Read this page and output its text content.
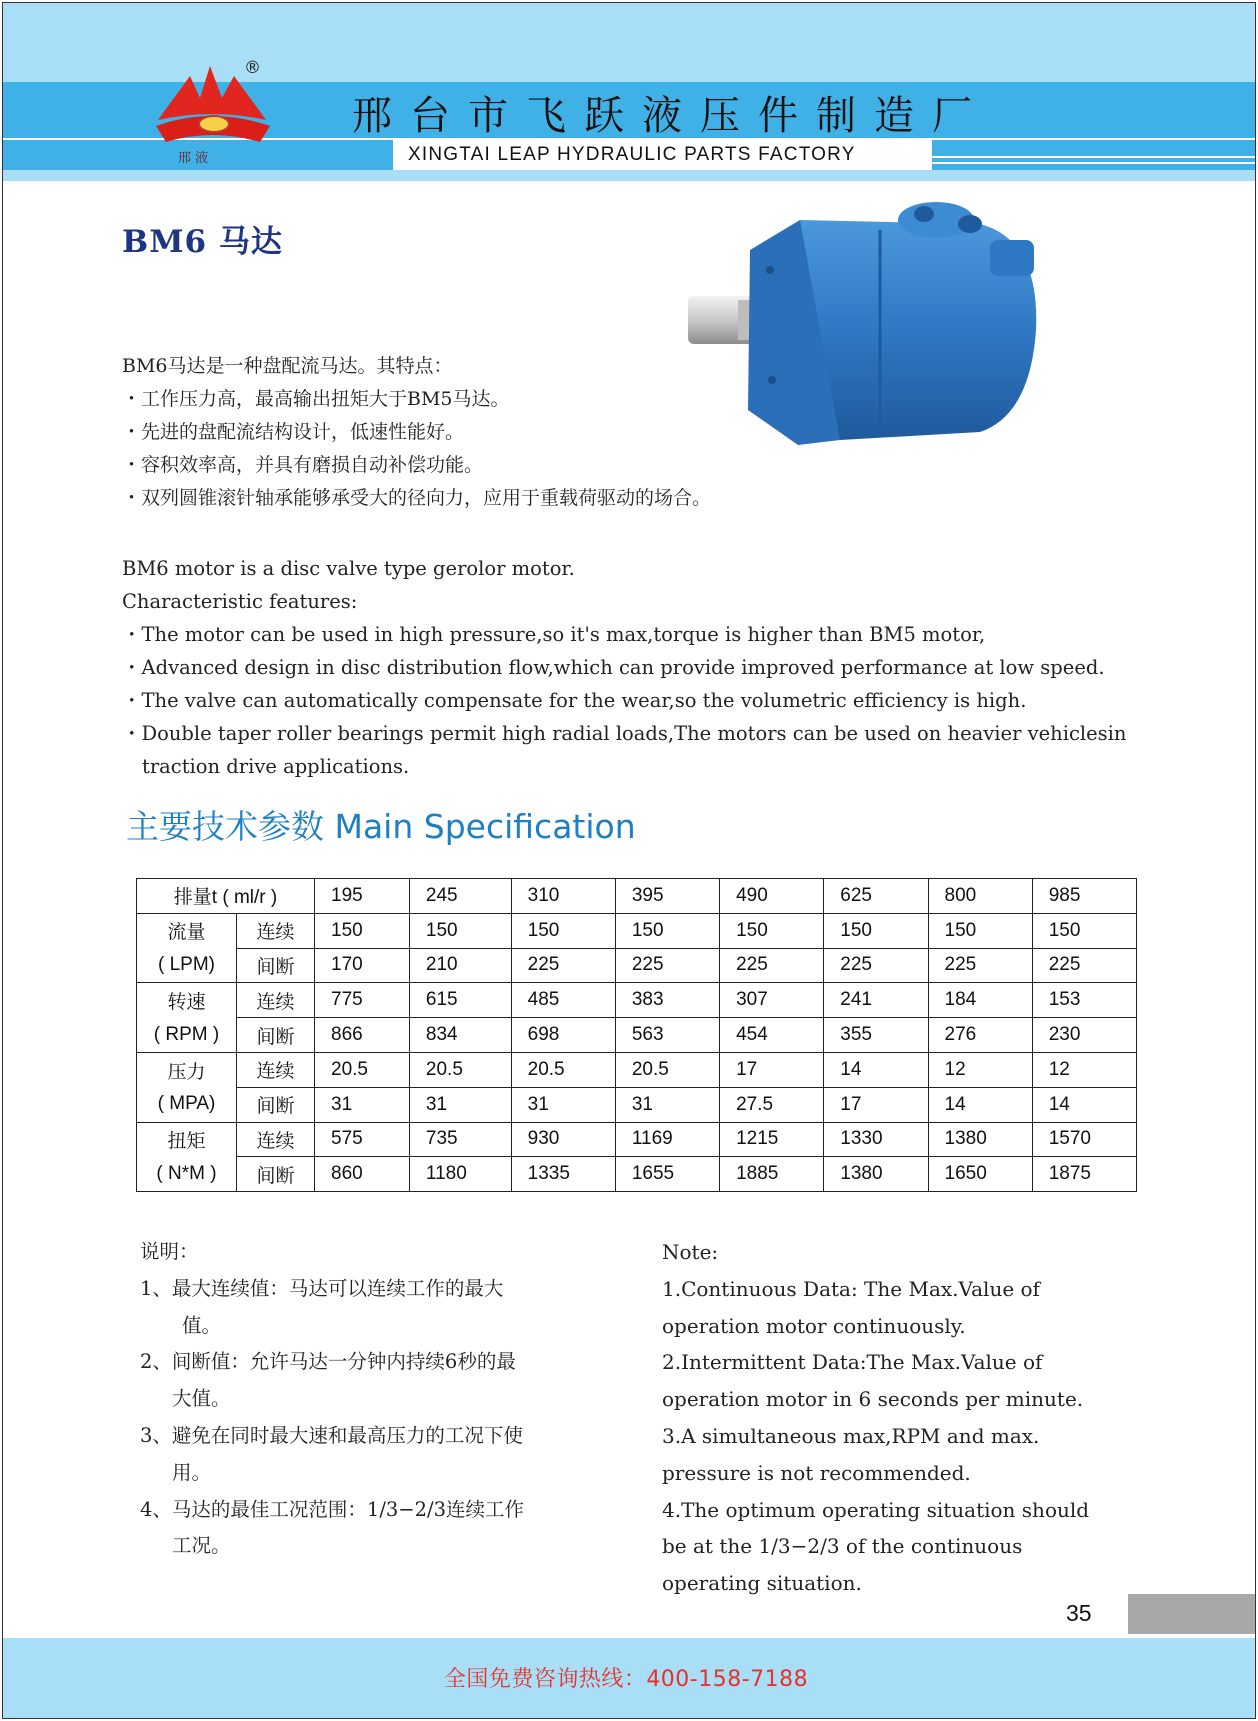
邢 液
®
邢台市飞跃液压件制造厂
XINGTAI LEAP HYDRAULIC PARTS FACTORY
BM6 马达
BM6马达是一种盘配流马达。其特点：
・工作压力高，最高输出扭矩大于BM5马达。
・先进的盘配流结构设计，低速性能好。
・容积效率高，并具有磨损自动补偿功能。
・双列圆锥滚针轴承能够承受大的径向力，应用于重载荷驱动的场合。
BM6 motor is a disc valve type gerolor motor.
Characteristic features:
・The motor can be used in high pressure,so it's max,torque is higher than BM5 motor,
・Advanced design in disc distribution flow,which can provide improved performance at low speed.
・The valve can automatically compensate for the wear,so the volumetric efficiency is high.
・Double taper roller bearings permit high radial loads,The motors can be used on heavier vehiclesin
traction drive applications.
主要技术参数 Main Specification
排量t ( ml/r )		195	245	310	395	490	625	800	985
流量	连续	150	150	150	150	150	150	150	150
( LPM)	间断	170	210	225	225	225	225	225	225
转速	连续	775	615	485	383	307	241	184	153
( RPM )	间断	866	834	698	563	454	355	276	230
压力	连续	20.5	20.5	20.5	20.5	17	14	12	12
( MPA)	间断	31	31	31	31	27.5	17	14	14
扭矩	连续	575	735	930	1169	1215	1330	1380	1570
( N*M )	间断	860	1180	1335	1655	1885	1380	1650	1875
说明：
1、最大连续值：马达可以连续工作的最大
值。
2、间断值：允许马达一分钟内持续6秒的最
大值。
3、避免在同时最大速和最高压力的工况下使
用。
4、马达的最佳工况范围：1/3−2/3连续工作
工况。
Note:
1.Continuous Data: The Max.Value of
operation motor continuously.
2.Intermittent Data:The Max.Value of
operation motor in 6 seconds per minute.
3.A simultaneous max,RPM and max.
pressure is not recommended.
4.The optimum operating situation should
be at the 1/3−2/3 of the continuous
operating situation.
35
全国免费咨询热线：400-158-7188
